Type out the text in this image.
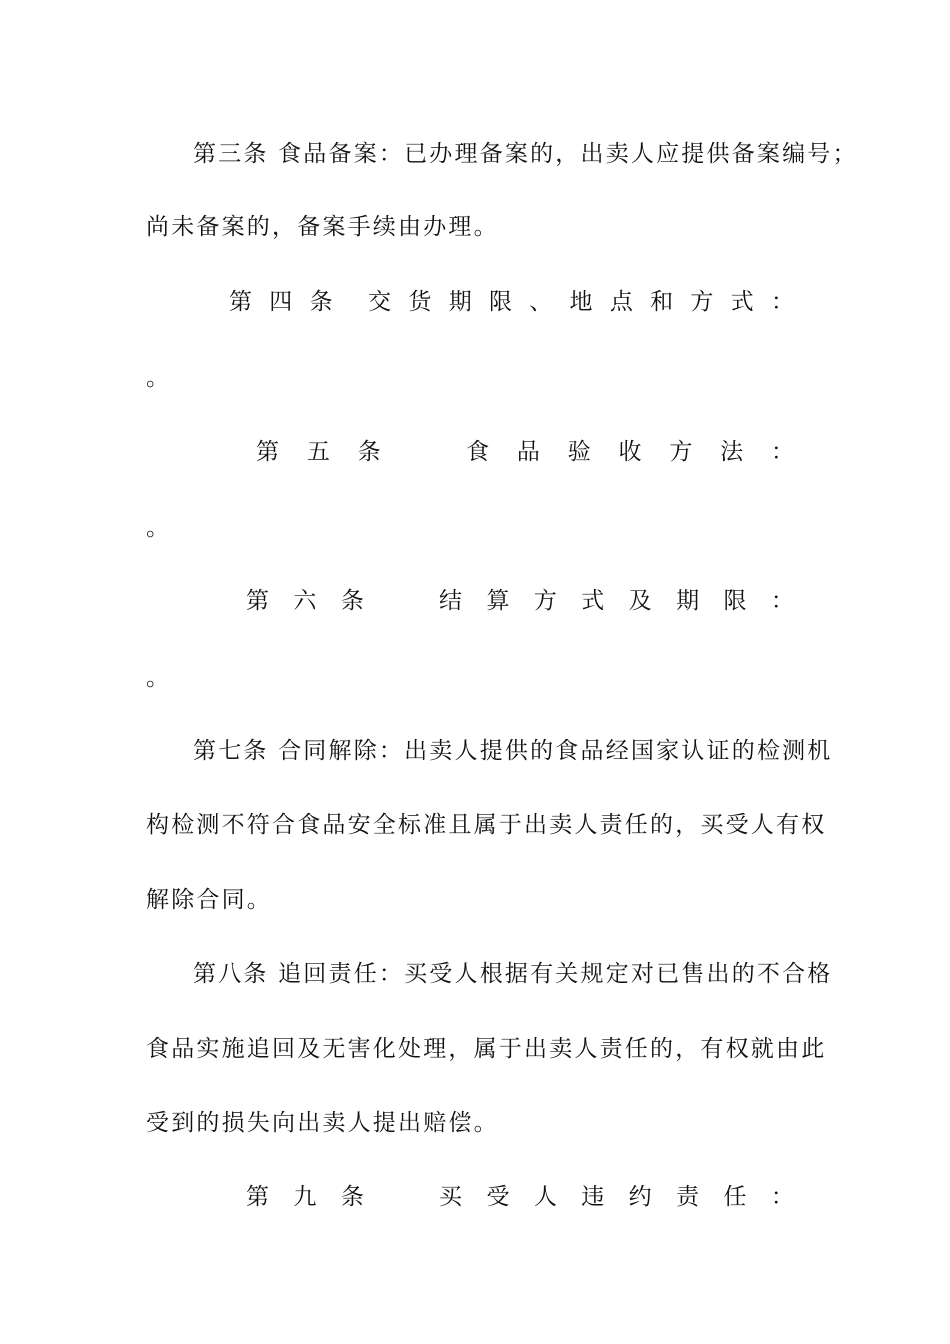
第三条 食品备案：已办理备案的，出卖人应提供备案编号；
尚未备案的，备案手续由办理。
第 四 条
交 货 期 限 、 地 点 和 方 式 ：
。
第 五 条

	食 品 验 收 方 法 ：
。
第 六 条

	结 算 方 式 及 期 限 ：
。
第七条 合同解除：出卖人提供的食品经国家认证的检测机
构检测不符合食品安全标准且属于出卖人责任的，买受人有权
解除合同。
第八条 追回责任：买受人根据有关规定对已售出的不合格
食品实施追回及无害化处理，属于出卖人责任的，有权就由此
受到的损失向出卖人提出赔偿。
第 九 条

	买 受 人 违 约 责 任 ：
